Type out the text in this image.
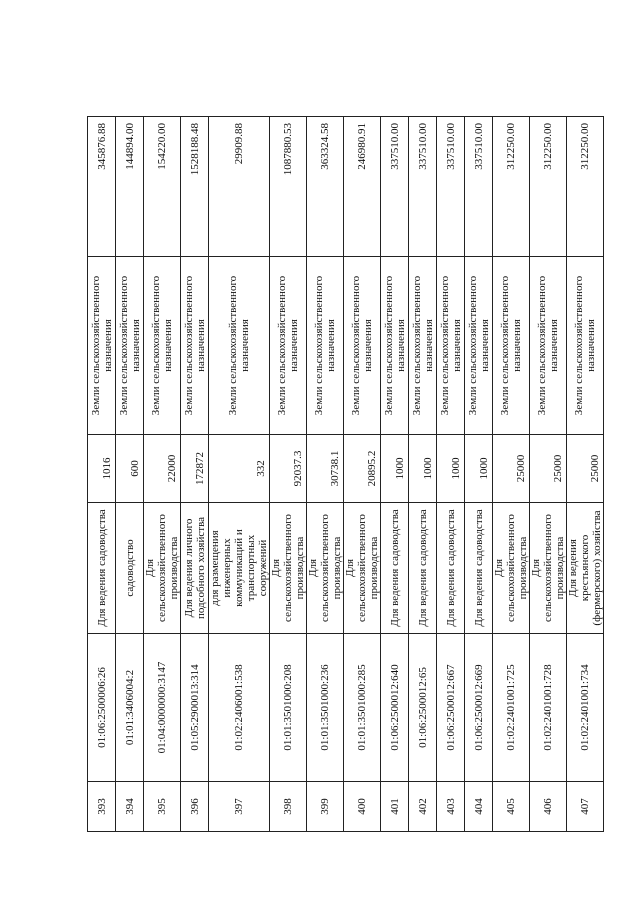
393	01:06:2500006:26	Для ведения садоводства	1016	Земли сельскохозяйственного назначения	345876.88
394	01:01:3406004:2	садоводство	600	Земли сельскохозяйственного назначения	144894.00
395	01:04:0000000:3147	Для сельскохозяйственного производства	22000	Земли сельскохозяйственного назначения	154220.00
396	01:05:2900013:314	Для ведения личного подсобного хозяйства	172872	Земли сельскохозяйственного назначения	1528188.48
397	01:02:2406001:538	для размещения инженерных коммуникаций и транспортных сооружений	332	Земли сельскохозяйственного назначения	29909.88
398	01:01:3501000:208	Для сельскохозяйственного производства	92037.3	Земли сельскохозяйственного назначения	1087880.53
399	01:01:3501000:236	Для сельскохозяйственного производства	30738.1	Земли сельскохозяйственного назначения	363324.58
400	01:01:3501000:285	Для сельскохозяйственного производства	20895.2	Земли сельскохозяйственного назначения	246980.91
401	01:06:2500012:640	Для ведения садоводства	1000	Земли сельскохозяйственного назначения	337510.00
402	01:06:2500012:65	Для ведения садоводства	1000	Земли сельскохозяйственного назначения	337510.00
403	01:06:2500012:667	Для ведения садоводства	1000	Земли сельскохозяйственного назначения	337510.00
404	01:06:2500012:669	Для ведения садоводства	1000	Земли сельскохозяйственного назначения	337510.00
405	01:02:2401001:725	Для сельскохозяйственного производства	25000	Земли сельскохозяйственного назначения	312250.00
406	01:02:2401001:728	Для сельскохозяйственного производства	25000	Земли сельскохозяйственного назначения	312250.00
407	01:02:2401001:734	Для ведения крестьянского (фермерского) хозяйства	25000	Земли сельскохозяйственного назначения	312250.00
